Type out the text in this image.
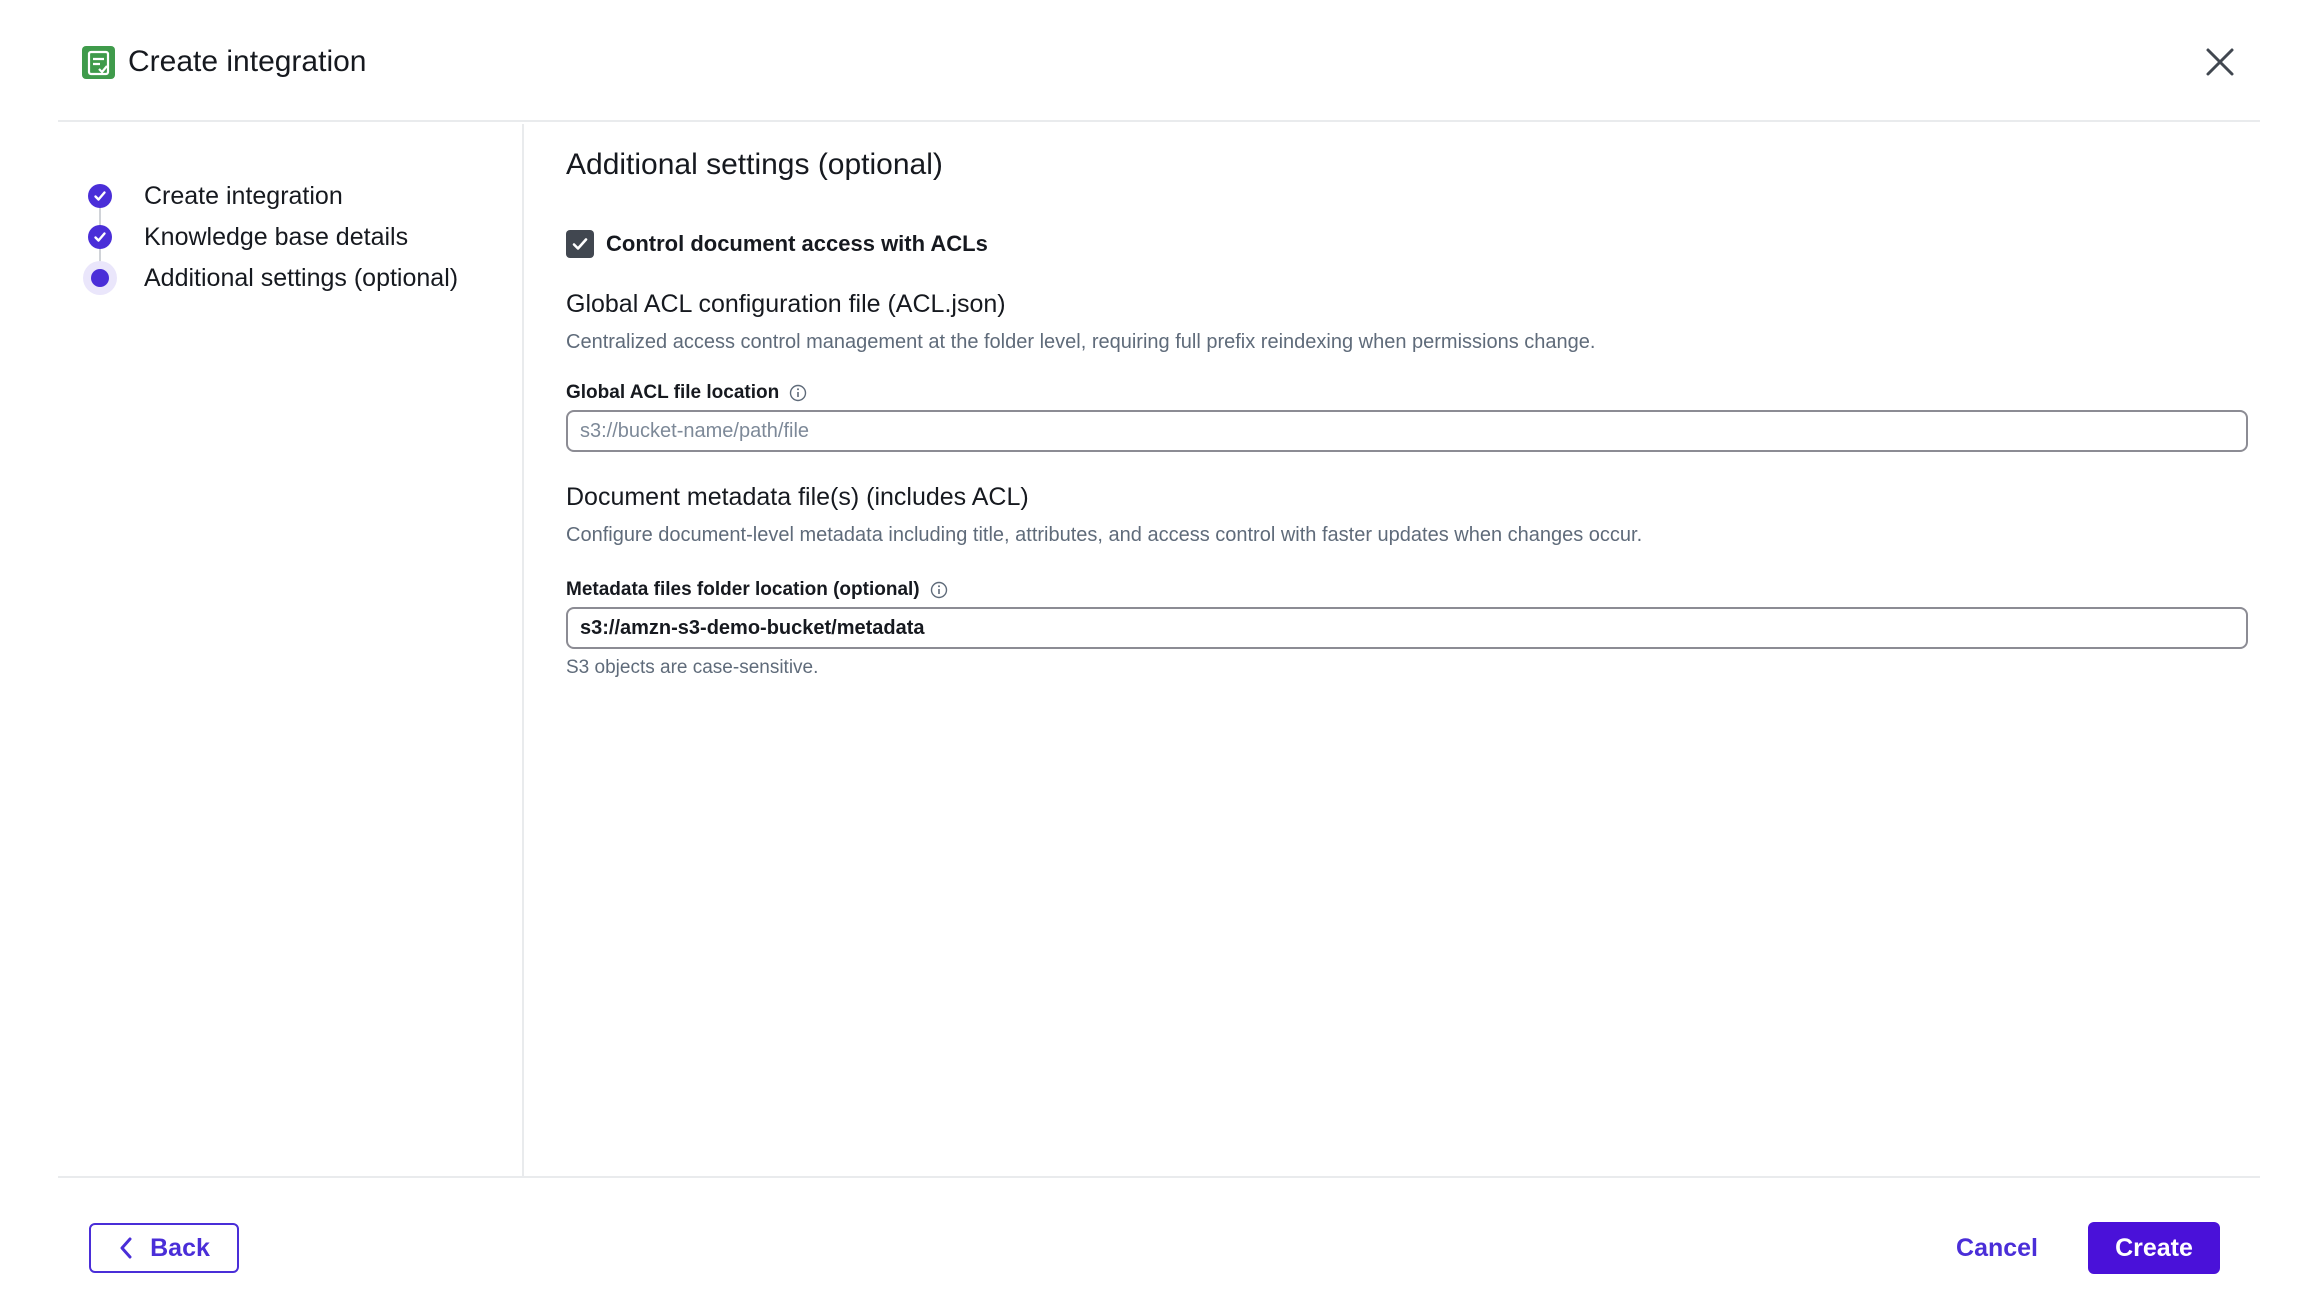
Create integration
Create integration
Knowledge base details
Additional settings (optional)
Additional settings (optional)
Control document access with ACLs
Global ACL configuration file (ACL.json)
Centralized access control management at the folder level, requiring full prefix reindexing when permissions change.
Global ACL file location
s3://bucket-name/path/file
Document metadata file(s) (includes ACL)
Configure document-level metadata including title, attributes, and access control with faster updates when changes occur.
Metadata files folder location (optional)
s3://amzn-s3-demo-bucket/metadata
S3 objects are case-sensitive.
Back	Cancel	Create
